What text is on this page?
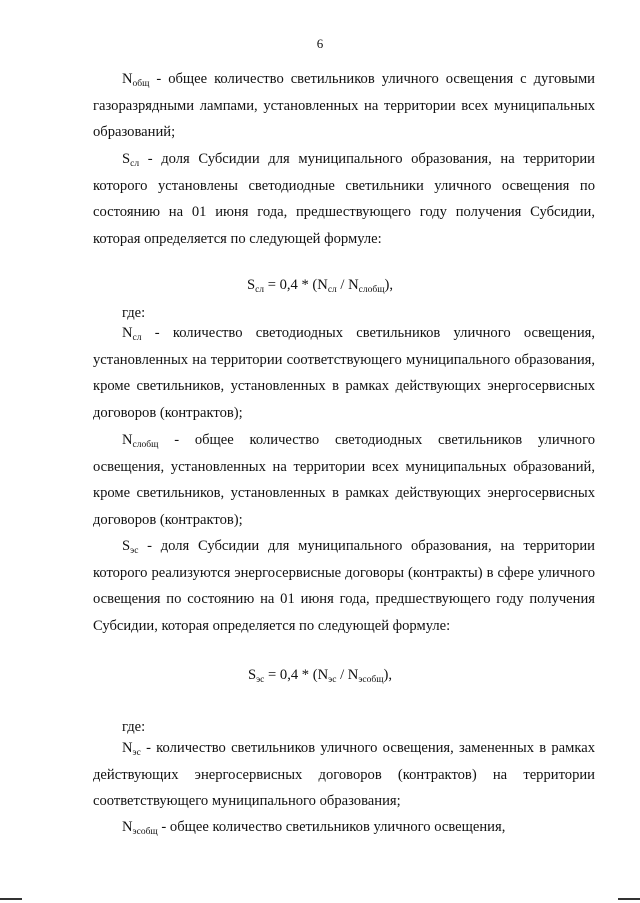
6

$N_{общ}$ - общее количество светильников уличного освещения с дуговыми газоразрядными лампами, установленных на территории всех муниципальных образований;

$S_{сл}$ - доля Субсидии для муниципального образования, на территории которого установлены светодиодные светильники уличного освещения по состоянию на 01 июня года, предшествующего году получения Субсидии, которая определяется по следующей формуле:

$S_{сл} = 0,4 * (N_{сл} / N_{слобщ})$,
где:

$N_{сл}$ - количество светодиодных светильников уличного освещения, установленных на территории соответствующего муниципального образования, кроме светильников, установленных в рамках действующих энергосервисных договоров (контрактов);

$N_{слобщ}$ - общее количество светодиодных светильников уличного освещения, установленных на территории всех муниципальных образований, кроме светильников, установленных в рамках действующих энергосервисных договоров (контрактов);

$S_{эс}$ - доля Субсидии для муниципального образования, на территории которого реализуются энергосервисные договоры (контракты) в сфере уличного освещения по состоянию на 01 июня года, предшествующего году получения Субсидии, которая определяется по следующей формуле:

$S_{эс} = 0,4 * (N_{эс} / N_{эсобщ})$,
где:

$N_{эс}$ - количество светильников уличного освещения, замененных в рамках действующих энергосервисных договоров (контрактов) на территории соответствующего муниципального образования;

$N_{эсобщ}$ - общее количество светильников уличного освещения,
